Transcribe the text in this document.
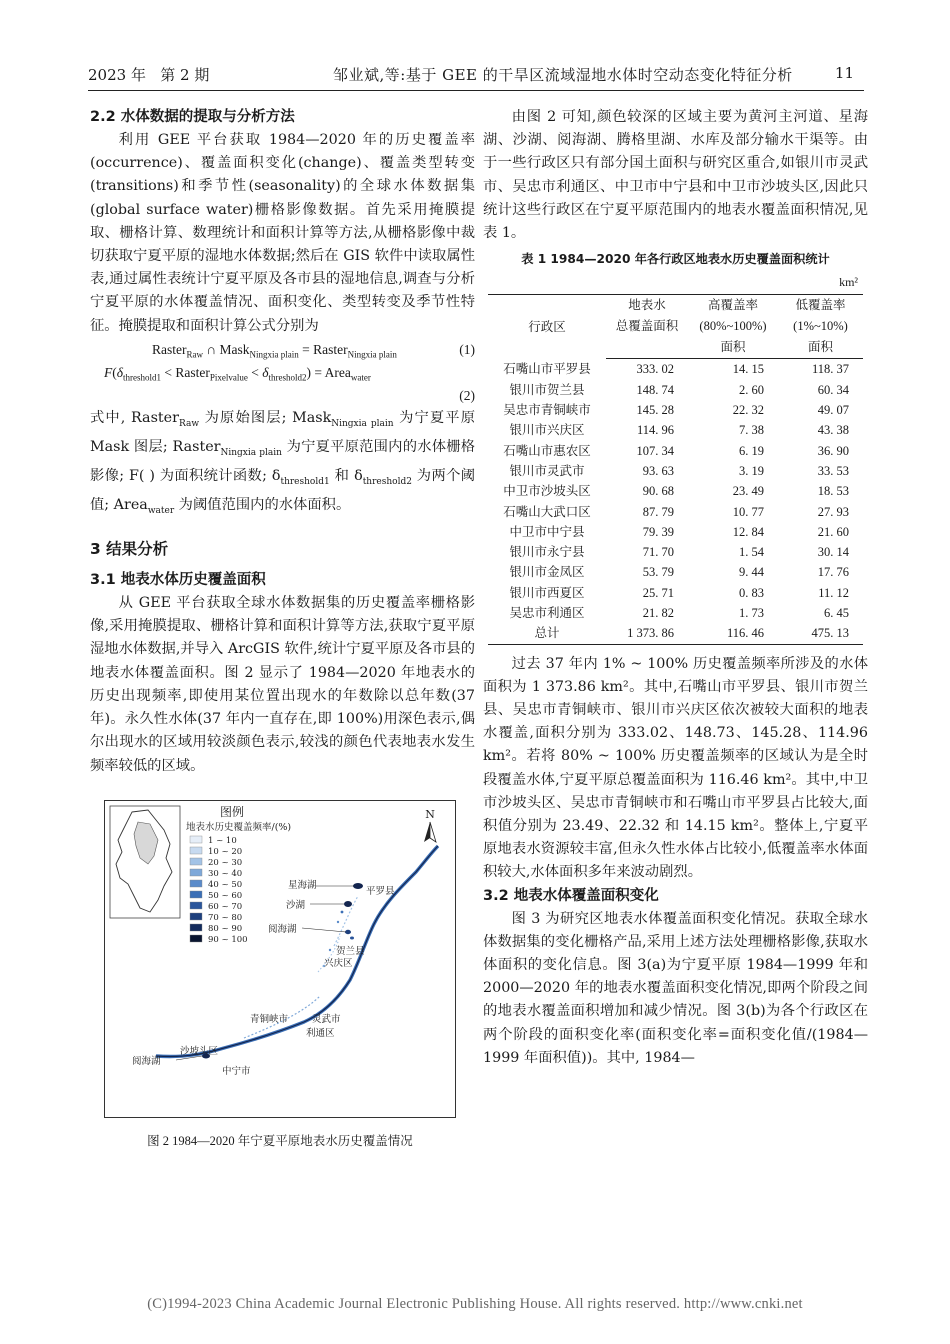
2023 年   第 2 期	邹业斌,等:基于 GEE 的干旱区流域湿地水体时空动态变化特征分析	11

2.2 水体数据的提取与分析方法

利用 GEE 平台获取 1984—2020 年的历史覆盖率(occurrence)、覆盖面积变化(change)、覆盖类型转变(transitions)和季节性(seasonality)的全球水体数据集(global surface water)栅格影像数据。首先采用掩膜提取、栅格计算、数理统计和面积计算等方法,从栅格影像中裁切获取宁夏平原的湿地水体数据;然后在 GIS 软件中读取属性表,通过属性表统计宁夏平原及各市县的湿地信息,调查与分析宁夏平原的水体覆盖情况、面积变化、类型转变及季节性特征。掩膜提取和面积计算公式分别为

Raster$_{Raw}$ ∩ Mask$_{Ningxia plain}$ = Raster$_{Ningxia plain}$	(1)
$F(\delta_{threshold1}$ < Raster$_{Pixelvalue}$ < $\delta_{threshold2}$) = Area$_{water}$
(2)

式中, Raster$_{Raw}$ 为原始图层; Mask$_{Ningxia plain}$ 为宁夏平原 Mask 图层; Raster$_{Ningxia plain}$ 为宁夏平原范围内的水体栅格影像; F( ) 为面积统计函数; $\delta_{threshold1}$ 和 $\delta_{threshold2}$ 为两个阈值; Area$_{water}$ 为阈值范围内的水体面积。

3 结果分析

3.1 地表水体历史覆盖面积

从 GEE 平台获取全球水体数据集的历史覆盖率栅格影像,采用掩膜提取、栅格计算和面积计算等方法,获取宁夏平原湿地水体数据,并导入 ArcGIS 软件,统计宁夏平原及各市县的地表水体覆盖面积。图 2 显示了 1984—2020 年地表水的历史出现频率,即使用某位置出现水的年数除以总年数(37 年)。永久性水体(37 年内一直存在,即 100%)用深色表示,偶尔出现水的区域用较淡颜色表示,较浅的颜色代表地表水发生频率较低的区域。

图例
地表水历史覆盖频率/(%)
1 ~ 10
10 ~ 20
20 ~ 30
30 ~ 40
40 ~ 50
50 ~ 60
60 ~ 70
70 ~ 80
80 ~ 90
90 ~ 100
N
星海湖
平罗县
沙湖
阅海湖
贺兰县
兴庆区
青铜峡市	灵武市
利通区
阅海湖
沙坡头区
中宁市
图 2 1984—2020 年宁夏平原地表水历史覆盖情况

由图 2 可知,颜色较深的区域主要为黄河主河道、星海湖、沙湖、阅海湖、腾格里湖、水库及部分输水干渠等。由于一些行政区只有部分国土面积与研究区重合,如银川市灵武市、吴忠市利通区、中卫市中宁县和中卫市沙坡头区,因此只统计这些行政区在宁夏平原范围内的地表水覆盖面积情况,见表 1。

表 1 1984—2020 年各行政区地表水历史覆盖面积统计
km²
行政区	地表水	高覆盖率	低覆盖率
	总覆盖面积	(80%~100%)	(1%~10%)
		面积	面积
石嘴山市平罗县	333. 02	14. 15	118. 37
银川市贺兰县	148. 74	2. 60	60. 34
吴忠市青铜峡市	145. 28	22. 32	49. 07
银川市兴庆区	114. 96	7. 38	43. 38
石嘴山市惠农区	107. 34	6. 19	36. 90
银川市灵武市	93. 63	3. 19	33. 53
中卫市沙坡头区	90. 68	23. 49	18. 53
石嘴山大武口区	87. 79	10. 77	27. 93
中卫市中宁县	79. 39	12. 84	21. 60
银川市永宁县	71. 70	1. 54	30. 14
银川市金凤区	53. 79	9. 44	17. 76
银川市西夏区	25. 71	0. 83	11. 12
吴忠市利通区	21. 82	1. 73	6. 45
总计	1 373. 86	116. 46	475. 13

过去 37 年内 1% ~ 100% 历史覆盖频率所涉及的水体面积为 1 373.86 km²。其中,石嘴山市平罗县、银川市贺兰县、吴忠市青铜峡市、银川市兴庆区依次被较大面积的地表水覆盖,面积分别为 333.02、148.73、145.28、114.96 km²。若将 80% ~ 100% 历史覆盖频率的区域认为是全时段覆盖水体,宁夏平原总覆盖面积为 116.46 km²。其中,中卫市沙坡头区、吴忠市青铜峡市和石嘴山市平罗县占比较大,面积值分别为 23.49、22.32 和 14.15 km²。整体上,宁夏平原地表水资源较丰富,但永久性水体占比较小,低覆盖率水体面积较大,水体面积多年来波动剧烈。

3.2 地表水体覆盖面积变化

图 3 为研究区地表水体覆盖面积变化情况。获取全球水体数据集的变化栅格产品,采用上述方法处理栅格影像,获取水体面积的变化信息。图 3(a)为宁夏平原 1984—1999 年和 2000—2020 年的地表水覆盖面积变化情况,即两个阶段之间的地表水覆盖面积增加和减少情况。图 3(b)为各个行政区在两个阶段的面积变化率(面积变化率=面积变化值/(1984—1999 年面积值))。其中, 1984—

(C)1994-2023 China Academic Journal Electronic Publishing House. All rights reserved. http://www.cnki.net
